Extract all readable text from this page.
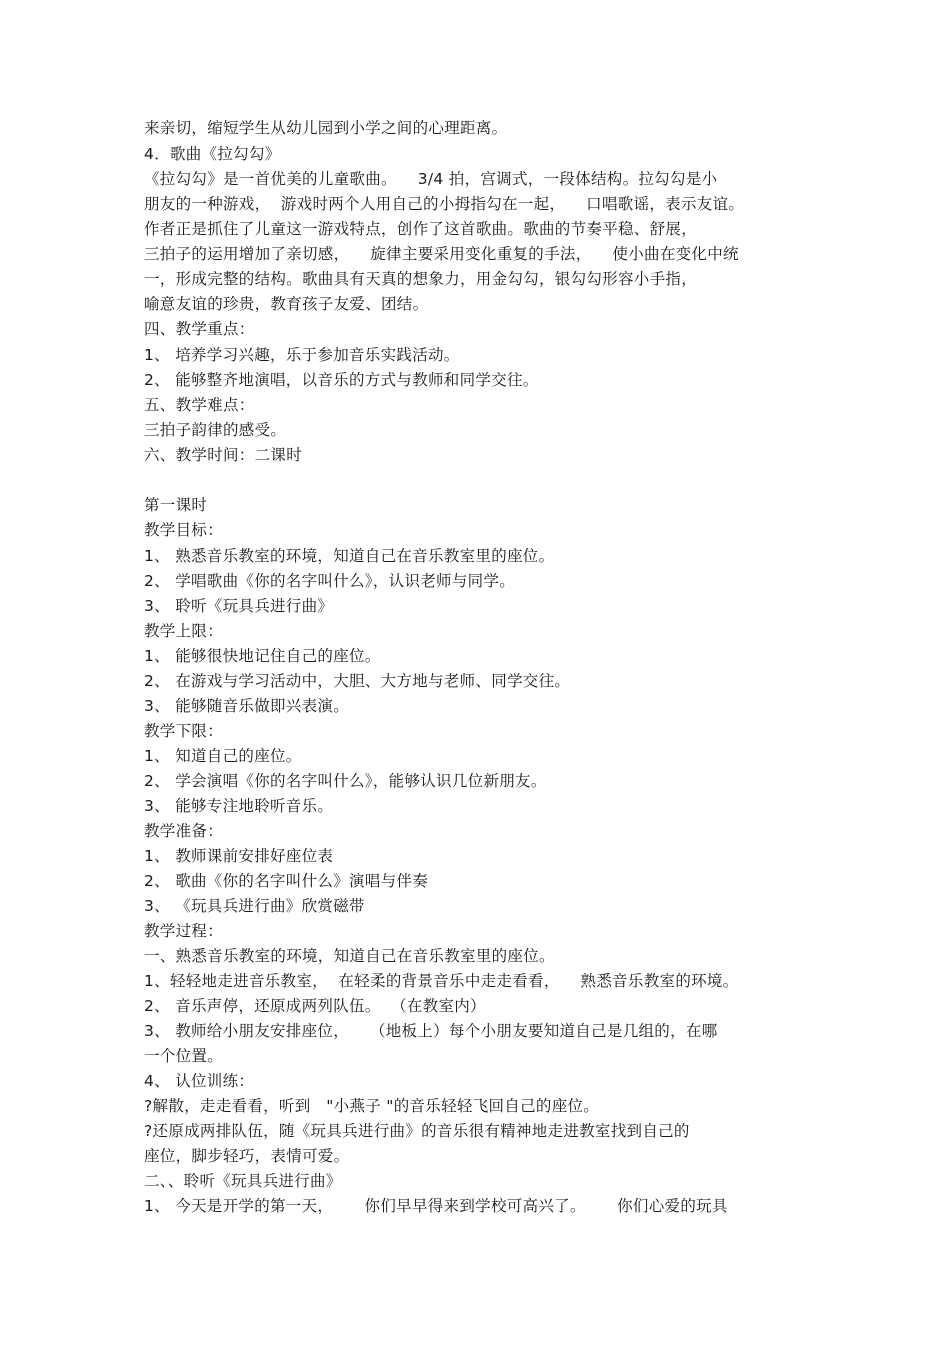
来亲切，缩短学生从幼儿园到小学之间的心理距离。
4．歌曲《拉勾勾》
《拉勾勾》是一首优美的儿童歌曲。    3/4 拍，宫调式，一段体结构。拉勾勾是小
朋友的一种游戏，  游戏时两个人用自己的小拇指勾在一起，    口唱歌谣，表示友谊。
作者正是抓住了儿童这一游戏特点，创作了这首歌曲。歌曲的节奏平稳、舒展，
三拍子的运用增加了亲切感，    旋律主要采用变化重复的手法，    使小曲在变化中统
一，形成完整的结构。歌曲具有天真的想象力，用金勾勾，银勾勾形容小手指，
喻意友谊的珍贵，教育孩子友爱、团结。
四、教学重点：
1、 培养学习兴趣，乐于参加音乐实践活动。
2、 能够整齐地演唱，以音乐的方式与教师和同学交往。
五、教学难点：
三拍子韵律的感受。
六、教学时间：二课时
第一课时
教学目标：
1、 熟悉音乐教室的环境，知道自己在音乐教室里的座位。
2、 学唱歌曲《你的名字叫什么》，认识老师与同学。
3、 聆听《玩具兵进行曲》
教学上限：
1、 能够很快地记住自己的座位。
2、 在游戏与学习活动中，大胆、大方地与老师、同学交往。
3、 能够随音乐做即兴表演。
教学下限：
1、 知道自己的座位。
2、 学会演唱《你的名字叫什么》，能够认识几位新朋友。
3、 能够专注地聆听音乐。
教学准备：
1、 教师课前安排好座位表
2、 歌曲《你的名字叫什么》演唱与伴奏
3、 《玩具兵进行曲》欣赏磁带
教学过程：
一、熟悉音乐教室的环境，知道自己在音乐教室里的座位。
1、轻轻地走进音乐教室，  在轻柔的背景音乐中走走看看，    熟悉音乐教室的环境。
2、 音乐声停，还原成两列队伍。  （在教室内）
3、 教师给小朋友安排座位，    （地板上）每个小朋友要知道自己是几组的，在哪
一个位置。
4、 认位训练：
?解散，走走看看，听到   "小燕子 "的音乐轻轻飞回自己的座位。
?还原成两排队伍，随《玩具兵进行曲》的音乐很有精神地走进教室找到自己的
座位，脚步轻巧，表情可爱。
二、、聆听《玩具兵进行曲》
1、 今天是开学的第一天，      你们早早得来到学校可高兴了。      你们心爱的玩具
